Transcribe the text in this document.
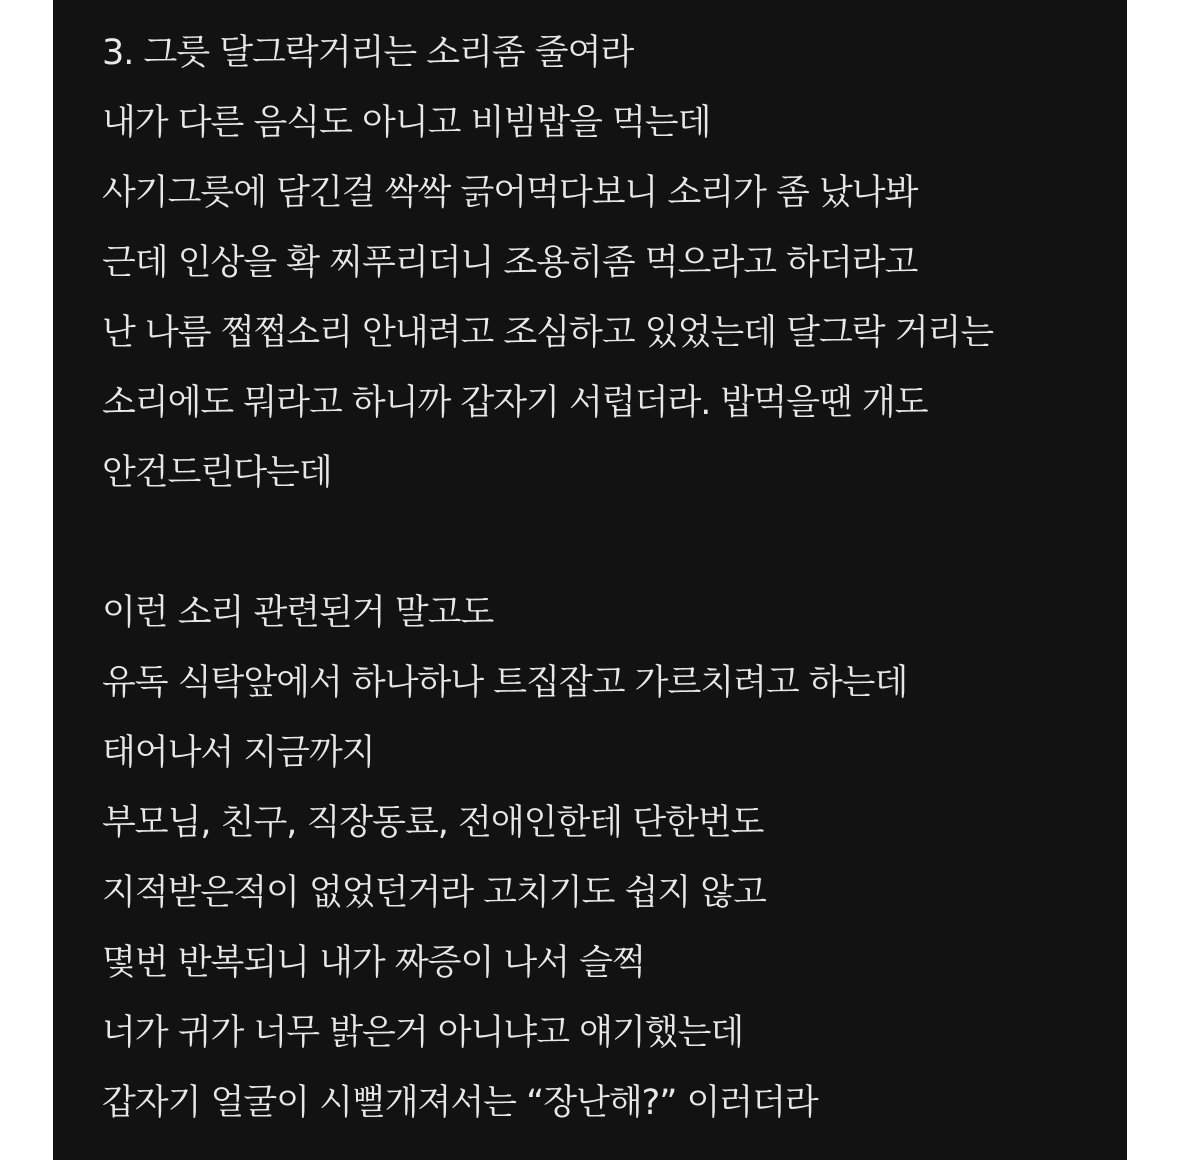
3. 그릇 달그락거리는 소리좀 줄여라
내가 다른 음식도 아니고 비빔밥을 먹는데
사기그릇에 담긴걸 싹싹 긁어먹다보니 소리가 좀 났나봐
근데 인상을 확 찌푸리더니 조용히좀 먹으라고 하더라고
난 나름 쩝쩝소리 안내려고 조심하고 있었는데 달그락 거리는
소리에도 뭐라고 하니까 갑자기 서럽더라. 밥먹을땐 개도
안건드린다는데
이런 소리 관련된거 말고도
유독 식탁앞에서 하나하나 트집잡고 가르치려고 하는데
태어나서 지금까지
부모님, 친구, 직장동료, 전애인한테 단한번도
지적받은적이 없었던거라 고치기도 쉽지 않고
몇번 반복되니 내가 짜증이 나서 슬쩍
너가 귀가 너무 밝은거 아니냐고 얘기했는데
갑자기 얼굴이 시뻘개져서는 “장난해?” 이러더라
